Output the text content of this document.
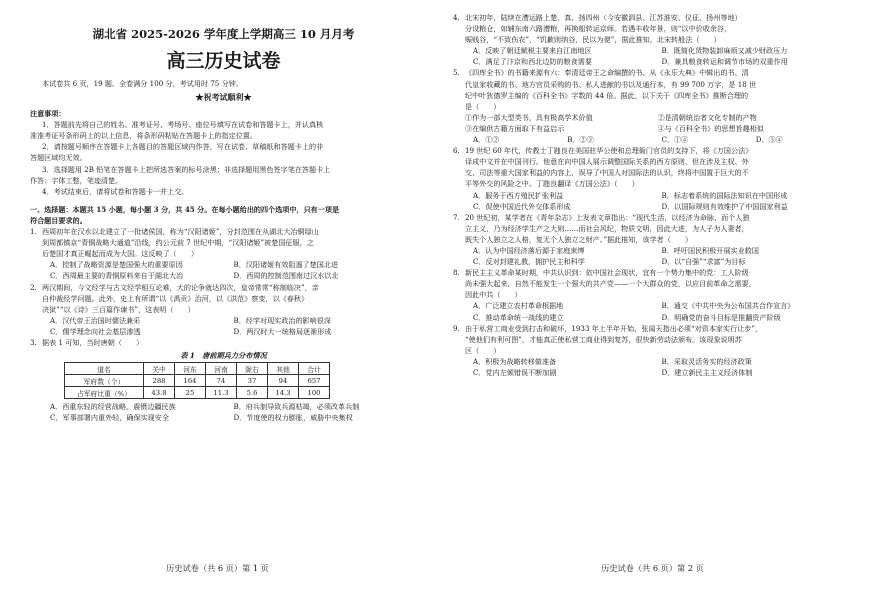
湖北省 2025-2026 学年度上学期高三 10 月月考
高三历史试卷
本试卷共 6 页，19 题。全卷满分 100 分，考试用时 75 分钟。
★祝考试顺利★
注意事项：
1．答题前先将自己的姓名、准考证号、考场号、座位号填写在试卷和答题卡上，并认真核
准准考证号条形码上的以上信息，将条形码粘贴在答题卡上的指定位置。
2．请按题号顺序在答题卡上各题目的答题区域内作答，写在试卷、草稿纸和答题卡上的非
答题区域均无效。
3．选择题用 2B 铅笔在答题卡上把所选答案的标号涂黑；非选择题用黑色签字笔在答题卡上
作答；字体工整，笔迹清楚。
4．考试结束后，请将试卷和答题卡一并上交。
一、选择题：本题共 15 小题，每小题 3 分，共 45 分。在每小题给出的四个选项中，只有一项是
符合题目要求的。
1. 西周初年在汉水以北建立了一批诸侯国，称为“汉阳诸姬”，分封范围在从湖北大冶铜绿山
到周都镇京“青铜战略大通道”沿线，约公元前 7 世纪中期，“汉阳诸姬”被楚国征服，之
后楚国才真正崛起而成为大国。这反映了（　　）
A．控制了战略资源是楚国强大的重要原因	B．汉阳诸姬有效阻遏了楚国北进
C．西周最主要的青铜原料来自于湖北大冶	D．西周的控制范围南过汉水以北
2. 两汉期间，今文经学与古文经学相互论难，大的论争就达四次，皇帝常常“称制临决”，亲
自仲裁经学问题。此外，史上有所谓“以《禹贡》治河，以《洪范》察变，以《春秋》
决狱”“以《诗》三百篇作谏书”，这表明（　　）
A．汉代帝王治国时儒法兼采	B．经学对现实政治的影响很深
C．儒学理念向社会基层渗透	D．两汉时大一统格局逐渐形成
3. 据表 1 可知，当时唐朝（　　）
表 1　唐前期兵力分布情况
道名	关中	河东	河南	陇右	其他	合计
军府数（个）	288	164	74	37	94	657
占军府比重（%）	43.8	25	11.3	5.6	14.3	100
A．西重东轻的经营战略，震慑边疆民族	B．府兵制导致兵源枯竭，必须改革兵制
C．军事部署内重外轻，确保实现安全	D．节度使的权力膨胀，威胁中央集权
历史试卷（共 6 页）第 1 页
4. 北宋初年，陆续在漕运路上楚、真、扬四州（今安徽泗县、江苏淮安、仪征、扬州等地）
分设粮仓，如辅东南六路漕粮，再换船转运京师。若遇丰收年景，则“以中价收余谷，
赈贱谷，“不致伤农”，“饥歉则纳谷，民以为便”，据此推知，北宋转般法（　　）
A．反映了朝廷赋税主要来自江南地区	B．既简化货物装卸麻烦又减少财政压力
C．满足了汴京和西北边防的粮食需要	D．兼具粮食转运和调节市场的双重作用
5. 《四库全书》的书籍来源有六：奉清廷帝王之命编撰的书、从《永乐大典》中辑出的书、清
代皇家收藏的书、地方官员采购的书、私人进献的书以及通行本，有 99 700 万字，是 18 世
纪中叶狄德罗主编的《百科全书》字数的 44 倍。据此，以下关于《四库全书》推断合理的
是（　　）
①作为一部大型类书，具有极高学术价值	②是清朝统治者文化专制的产物
③在编供古籍方面取下有益启示	④与《百科全书》的思想旨趣相似
A．①②	B．②③	C．①④	D．③④
6. 19 世纪 60 年代，传教士丁韪良在美国驻华公使和总理衙门官员的支持下，将《万国公法》
译成中文并在中国刊行。他意在向中国人展示调整国际关系的西方原则，但在涉及主权、外
交、司法等重大国家利益的内容上，误导了中国人对国际法的认识，终将中国置于巨大的不
平等外交的风险之中。丁韪良翻译《万国公法》（　　）
A．服务于西方殖民扩张利益	B．标志着系统的国际法知识在中国形成
C．促使中国近代外交体系形成	D．以国际规则有效维护了中国国家利益
7. 20 世纪初，某学者在《青年杂志》上发表文章指出：“现代生活，以经济为命脉，而个人独
立主义，乃为经济学生产之大则……而社会风纪，物质文明，因此大进，为人子为人妻者，
既失个人独立之人格，复无个人独立之财产。”据此推知，该学者（　　）
A．认为中国经济落后源于家庭束缚	B．呼吁国民积极开展实业救国
C．反对封建礼教，拥护民主和科学	D．以“自强”“求富”为目标
8. 新民主主义革命某时期，中共认识到：依中国社会现状，宜有一个势力集中的党：工人阶级
尚未强大起来，自然不能发生一个强大的共产党——一个大群众的党，以应目前革命之需要，
因此中共（　　）
A．广泛建立农村革命根据地	B．通交《中共中央为公布国共合作宣言》
C．推动革命统一战线的建立	D．明确党的奋斗目标是推翻资产阶级
9. 由于私营工商业受到打击和破坏，1933 年上半年开始，张闻天指出必须“对资本家实行让步”，
“使他们有利可图”，才能真正使私营工商业得到复苏，很快新劳动法颁布。该现象说明苏
区（　　）
A．积极为战略转移做准备	B．采取灵活务实的经济政策
C．党内左倾错误不断加剧	D．建立新民主主义经济体制
历史试卷（共 6 页）第 2 页
